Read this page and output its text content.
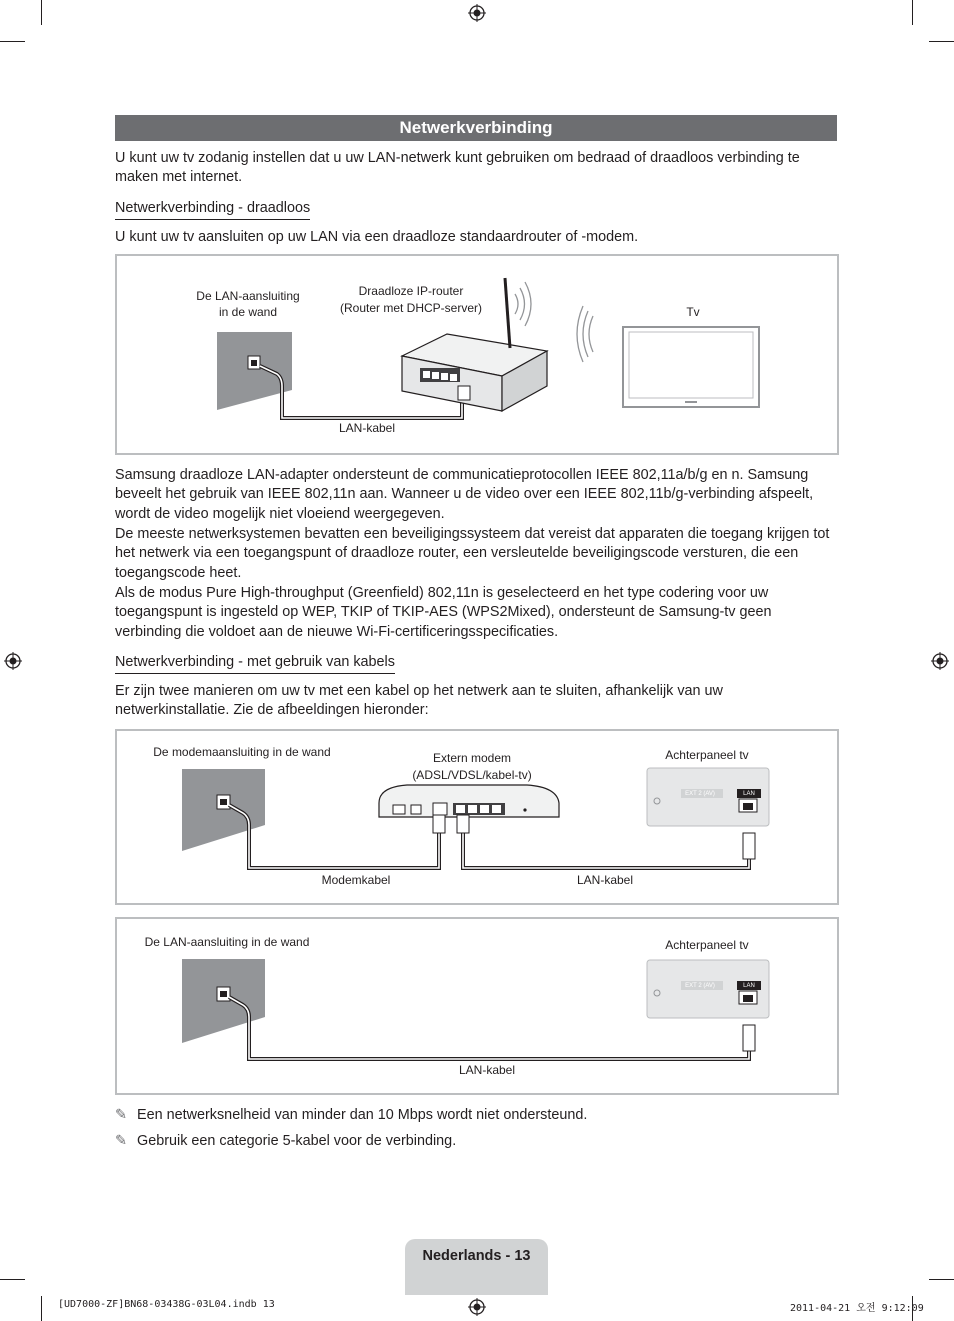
Netwerkverbinding

U kunt uw tv zodanig instellen dat u uw LAN-netwerk kunt gebruiken om bedraad of draadloos verbinding te maken met internet.

Netwerkverbinding - draadloos

U kunt uw tv aansluiten op uw LAN via een draadloze standaardrouter of -modem.

De LAN-aansluiting
in de wand
Draadloze IP-router
(Router met DHCP-server)	Tv
LAN-kabel

Samsung draadloze LAN-adapter ondersteunt de communicatieprotocollen IEEE 802,11a/b/g en n. Samsung beveelt het gebruik van IEEE 802,11n aan. Wanneer u de video over een IEEE 802,11b/g-verbinding afspeelt, wordt de video mogelijk niet vloeiend weergegeven.

De meeste netwerksystemen bevatten een beveiligingssysteem dat vereist dat apparaten die toegang krijgen tot het netwerk via een toegangspunt of draadloze router, een versleutelde beveiligingscode versturen, die een toegangscode heet.

Als de modus Pure High-throughput (Greenfield) 802,11n is geselecteerd en het type codering voor uw toegangspunt is ingesteld op WEP, TKIP of TKIP-AES (WPS2Mixed), ondersteunt de Samsung-tv geen verbinding die voldoet aan de nieuwe Wi-Fi-certificeringsspecificaties.

Netwerkverbinding - met gebruik van kabels

Er zijn twee manieren om uw tv met een kabel op het netwerk aan te sluiten, afhankelijk van uw netwerkinstallatie. Zie de afbeeldingen hieronder:

De modemaansluiting in de wand	Extern modem
(ADSL/VDSL/kabel-tv)
Achterpaneel tv
Modemkabel	LAN-kabel
EXT 2 (AV)	LAN
De LAN-aansluiting in de wand	Achterpaneel tv
LAN-kabel
EXT 2 (AV)	LAN
✎ Een netwerksnelheid van minder dan 10 Mbps wordt niet ondersteund.
✎ Gebruik een categorie 5-kabel voor de verbinding.
Nederlands - 13
[UD7000-ZF]BN68-03438G-03L04.indb 13	2011-04-21 오전 9:12:09
